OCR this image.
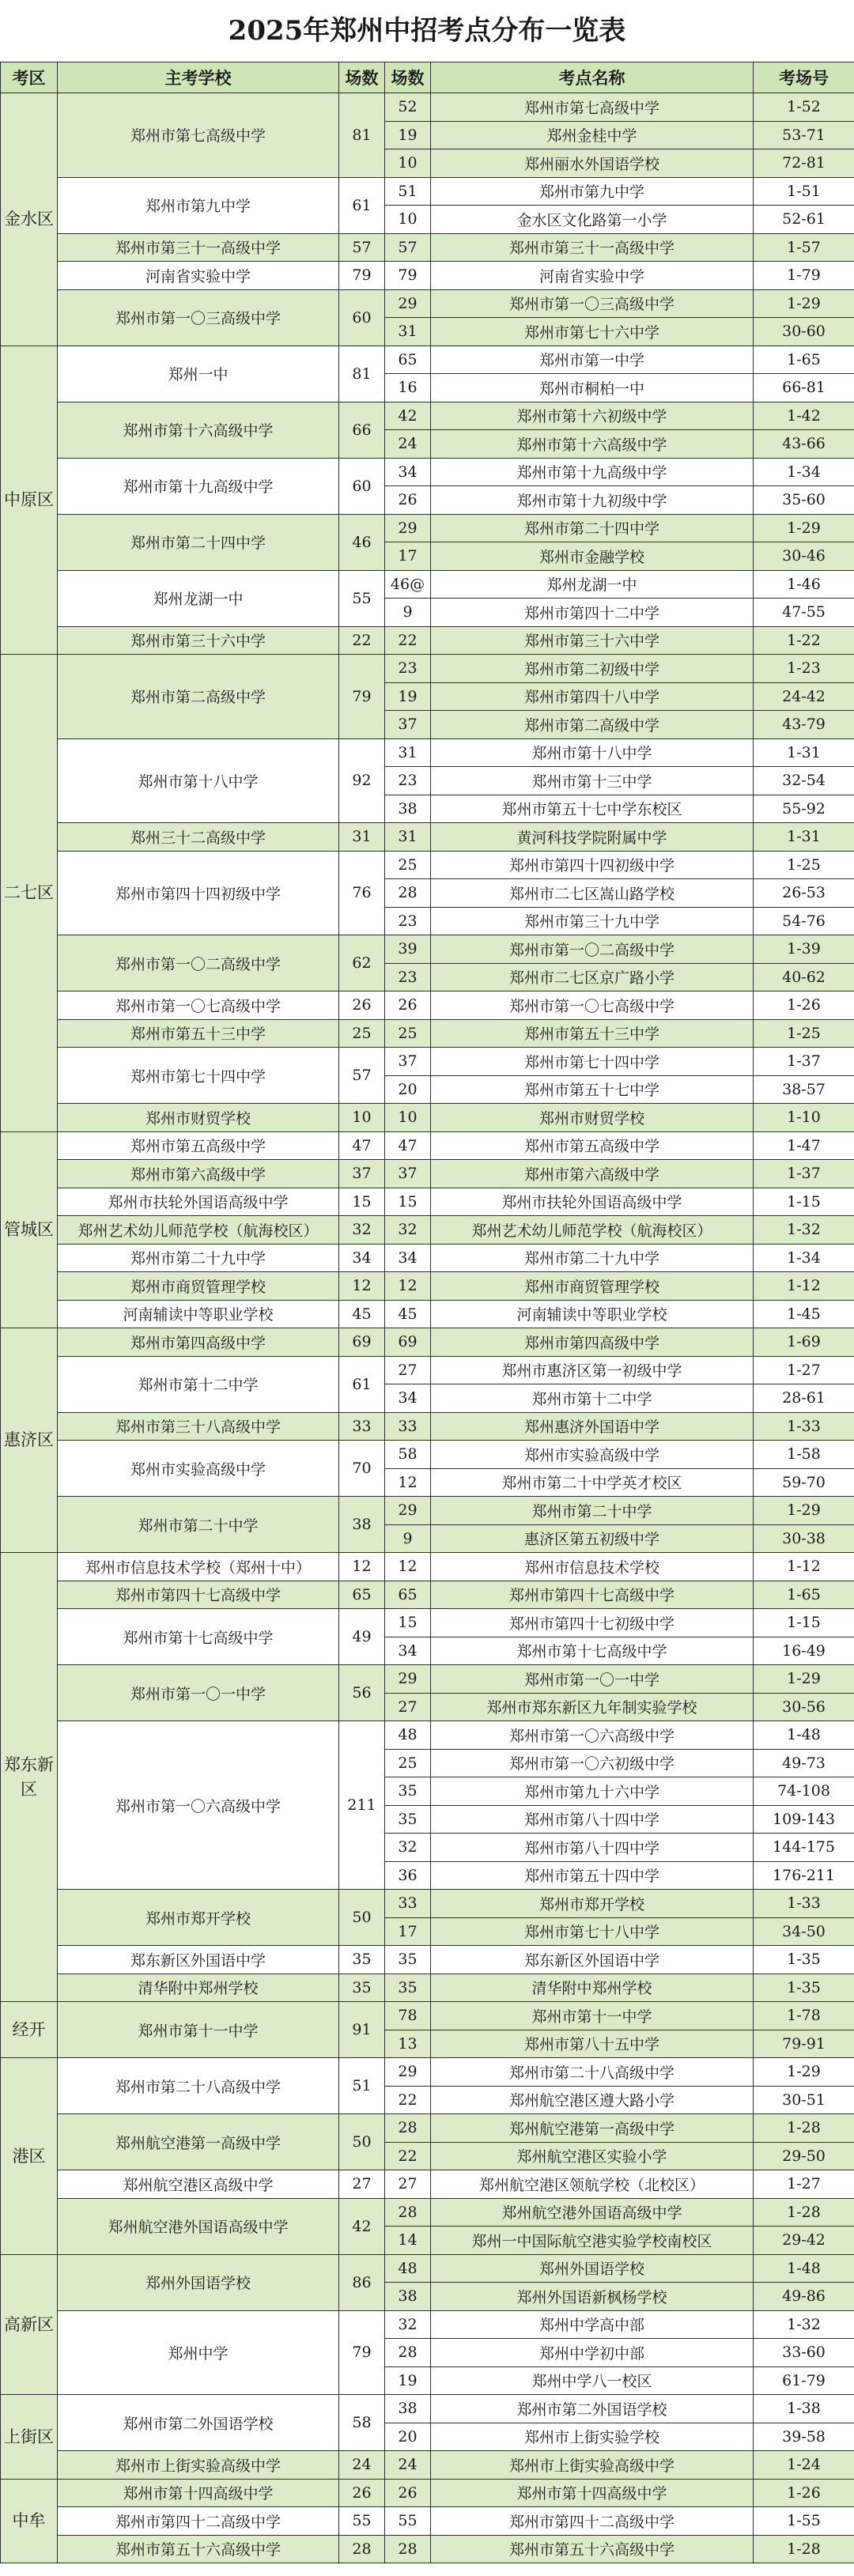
2025年郑州中招考点分布一览表
考区	主考学校	场数	场数	考点名称	考场号
金水区	郑州市第七高级中学	81	52	郑州市第七高级中学	1-52
			19	郑州金桂中学	53-71
			10	郑州丽水外国语学校	72-81
	郑州市第九中学	61	51	郑州市第九中学	1-51
			10	金水区文化路第一小学	52-61
	郑州市第三十一高级中学	57	57	郑州市第三十一高级中学	1-57
	河南省实验中学	79	79	河南省实验中学	1-79
	郑州市第一〇三高级中学	60	29	郑州市第一〇三高级中学	1-29
			31	郑州市第七十六中学	30-60
中原区	郑州一中	81	65	郑州市第一中学	1-65
			16	郑州市桐柏一中	66-81
	郑州市第十六高级中学	66	42	郑州市第十六初级中学	1-42
			24	郑州市第十六高级中学	43-66
	郑州市第十九高级中学	60	34	郑州市第十九高级中学	1-34
			26	郑州市第十九初级中学	35-60
	郑州市第二十四中学	46	29	郑州市第二十四中学	1-29
			17	郑州市金融学校	30-46
	郑州龙湖一中	55	46@	郑州龙湖一中	1-46
			9	郑州市第四十二中学	47-55
	郑州市第三十六中学	22	22	郑州市第三十六中学	1-22
二七区	郑州市第二高级中学	79	23	郑州市第二初级中学	1-23
			19	郑州市第四十八中学	24-42
			37	郑州市第二高级中学	43-79
	郑州市第十八中学	92	31	郑州市第十八中学	1-31
			23	郑州市第十三中学	32-54
			38	郑州市第五十七中学东校区	55-92
	郑州三十二高级中学	31	31	黄河科技学院附属中学	1-31
	郑州市第四十四初级中学	76	25	郑州市第四十四初级中学	1-25
			28	郑州市二七区嵩山路学校	26-53
			23	郑州市第三十九中学	54-76
	郑州市第一〇二高级中学	62	39	郑州市第一〇二高级中学	1-39
			23	郑州市二七区京广路小学	40-62
	郑州市第一〇七高级中学	26	26	郑州市第一〇七高级中学	1-26
	郑州市第五十三中学	25	25	郑州市第五十三中学	1-25
	郑州市第七十四中学	57	37	郑州市第七十四中学	1-37
			20	郑州市第五十七中学	38-57
	郑州市财贸学校	10	10	郑州市财贸学校	1-10
管城区	郑州市第五高级中学	47	47	郑州市第五高级中学	1-47
	郑州市第六高级中学	37	37	郑州市第六高级中学	1-37
	郑州市扶轮外国语高级中学	15	15	郑州市扶轮外国语高级中学	1-15
	郑州艺术幼儿师范学校（航海校区）	32	32	郑州艺术幼儿师范学校（航海校区）	1-32
	郑州市第二十九中学	34	34	郑州市第二十九中学	1-34
	郑州市商贸管理学校	12	12	郑州市商贸管理学校	1-12
	河南辅读中等职业学校	45	45	河南辅读中等职业学校	1-45
惠济区	郑州市第四高级中学	69	69	郑州市第四高级中学	1-69
	郑州市第十二中学	61	27	郑州市惠济区第一初级中学	1-27
			34	郑州市第十二中学	28-61
	郑州市第三十八高级中学	33	33	郑州惠济外国语中学	1-33
	郑州市实验高级中学	70	58	郑州市实验高级中学	1-58
			12	郑州市第二十中学英才校区	59-70
	郑州市第二十中学	38	29	郑州市第二十中学	1-29
			9	惠济区第五初级中学	30-38
郑东新区	郑州市信息技术学校（郑州十中）	12	12	郑州市信息技术学校	1-12
	郑州市第四十七高级中学	65	65	郑州市第四十七高级中学	1-65
	郑州市第十七高级中学	49	15	郑州市第四十七初级中学	1-15
			34	郑州市第十七高级中学	16-49
	郑州市第一〇一中学	56	29	郑州市第一〇一中学	1-29
			27	郑州市郑东新区九年制实验学校	30-56
	郑州市第一〇六高级中学	211	48	郑州市第一〇六高级中学	1-48
			25	郑州市第一〇六初级中学	49-73
			35	郑州市第九十六中学	74-108
			35	郑州市第八十四中学	109-143
			32	郑州市第八十四中学	144-175
			36	郑州市第五十四中学	176-211
	郑州市郑开学校	50	33	郑州市郑开学校	1-33
			17	郑州市第七十八中学	34-50
	郑东新区外国语中学	35	35	郑东新区外国语中学	1-35
	清华附中郑州学校	35	35	清华附中郑州学校	1-35
经开	郑州市第十一中学	91	78	郑州市第十一中学	1-78
			13	郑州市第八十五中学	79-91
港区	郑州市第二十八高级中学	51	29	郑州市第二十八高级中学	1-29
			22	郑州航空港区遵大路小学	30-51
	郑州航空港第一高级中学	50	28	郑州航空港第一高级中学	1-28
			22	郑州航空港区实验小学	29-50
	郑州航空港区高级中学	27	27	郑州航空港区领航学校（北校区）	1-27
	郑州航空港外国语高级中学	42	28	郑州航空港外国语高级中学	1-28
			14	郑州一中国际航空港实验学校南校区	29-42
高新区	郑州外国语学校	86	48	郑州外国语学校	1-48
			38	郑州外国语新枫杨学校	49-86
	郑州中学	79	32	郑州中学高中部	1-32
			28	郑州中学初中部	33-60
			19	郑州中学八一校区	61-79
上街区	郑州市第二外国语学校	58	38	郑州市第二外国语学校	1-38
			20	郑州市上街实验学校	39-58
	郑州市上街实验高级中学	24	24	郑州市上街实验高级中学	1-24
中牟	郑州市第十四高级中学	26	26	郑州市第十四高级中学	1-26
	郑州市第四十二高级中学	55	55	郑州市第四十二高级中学	1-55
	郑州市第五十六高级中学	28	28	郑州市第五十六高级中学	1-28
